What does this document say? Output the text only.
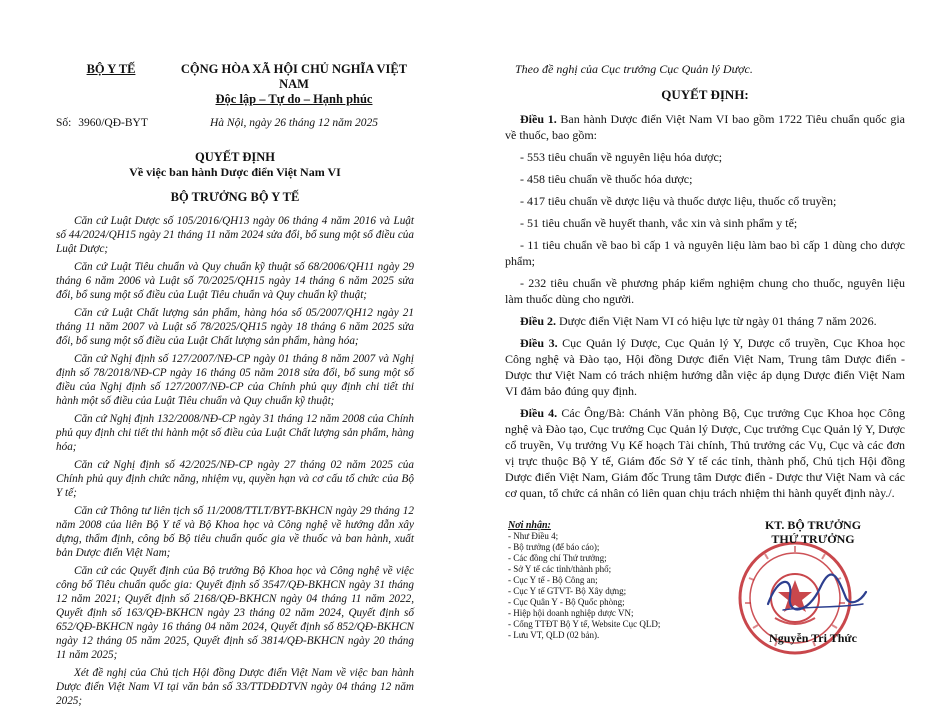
BỘ Y TẾ	CỘNG HÒA XÃ HỘI CHỦ NGHĨA VIỆT NAM
Độc lập – Tự do – Hạnh phúc
Số: 3960/QĐ-BYT	Hà Nội, ngày 26 tháng 12 năm 2025
QUYẾT ĐỊNH
Về việc ban hành Dược điển Việt Nam VI
BỘ TRƯỞNG BỘ Y TẾ

Căn cứ Luật Dược số 105/2016/QH13 ngày 06 tháng 4 năm 2016 và Luật số 44/2024/QH15 ngày 21 tháng 11 năm 2024 sửa đổi, bổ sung một số điều của Luật Dược;

Căn cứ Luật Tiêu chuẩn và Quy chuẩn kỹ thuật số 68/2006/QH11 ngày 29 tháng 6 năm 2006 và Luật số 70/2025/QH15 ngày 14 tháng 6 năm 2025 sửa đổi, bổ sung một số điều của Luật Tiêu chuẩn và Quy chuẩn kỹ thuật;

Căn cứ Luật Chất lượng sản phẩm, hàng hóa số 05/2007/QH12 ngày 21 tháng 11 năm 2007 và Luật số 78/2025/QH15 ngày 18 tháng 6 năm 2025 sửa đổi, bổ sung một số điều của Luật Chất lượng sản phẩm, hàng hóa;

Căn cứ Nghị định số 127/2007/NĐ-CP ngày 01 tháng 8 năm 2007 và Nghị định số 78/2018/NĐ-CP ngày 16 tháng 05 năm 2018 sửa đổi, bổ sung một số điều của Nghị định số 127/2007/NĐ-CP của Chính phủ quy định chi tiết thi hành một số điều của Luật Tiêu chuẩn và Quy chuẩn kỹ thuật;

Căn cứ Nghị định 132/2008/NĐ-CP ngày 31 tháng 12 năm 2008 của Chính phủ quy định chi tiết thi hành một số điều của Luật Chất lượng sản phẩm, hàng hóa;

Căn cứ Nghị định số 42/2025/NĐ-CP ngày 27 tháng 02 năm 2025 của Chính phủ quy định chức năng, nhiệm vụ, quyền hạn và cơ cấu tổ chức của Bộ Y tế;

Căn cứ Thông tư liên tịch số 11/2008/TTLT/BYT-BKHCN ngày 29 tháng 12 năm 2008 của liên Bộ Y tế và Bộ Khoa học và Công nghệ về hướng dẫn xây dựng, thẩm định, công bố Bộ tiêu chuẩn quốc gia về thuốc và ban hành, xuất bản Dược điển Việt Nam;

Căn cứ các Quyết định của Bộ trưởng Bộ Khoa học và Công nghệ về việc công bố Tiêu chuẩn quốc gia: Quyết định số 3547/QĐ-BKHCN ngày 31 tháng 12 năm 2021; Quyết định số 2168/QĐ-BKHCN ngày 04 tháng 11 năm 2022, Quyết định số 163/QĐ-BKHCN ngày 23 tháng 02 năm 2024, Quyết định số 652/QĐ-BKHCN ngày 16 tháng 04 năm 2024, Quyết định số 852/QĐ-BKHCN ngày 12 tháng 05 năm 2025, Quyết định số 3814/QĐ-BKHCN ngày 20 tháng 11 năm 2025;

Xét đề nghị của Chủ tịch Hội đồng Dược điển Việt Nam về việc ban hành Dược điển Việt Nam VI tại văn bản số 33/TTDĐDTVN ngày 04 tháng 12 năm 2025;

Theo đề nghị của Cục trưởng Cục Quản lý Dược.
QUYẾT ĐỊNH:

Điều 1. Ban hành Dược điển Việt Nam VI bao gồm 1722 Tiêu chuẩn quốc gia về thuốc, bao gồm:

- 553 tiêu chuẩn về nguyên liệu hóa dược;

- 458 tiêu chuẩn về thuốc hóa dược;

- 417 tiêu chuẩn về dược liệu và thuốc dược liệu, thuốc cổ truyền;

- 51 tiêu chuẩn về huyết thanh, vắc xin và sinh phẩm y tế;

- 11 tiêu chuẩn về bao bì cấp 1 và nguyên liệu làm bao bì cấp 1 dùng cho dược phẩm;

- 232 tiêu chuẩn về phương pháp kiểm nghiệm chung cho thuốc, nguyên liệu làm thuốc dùng cho người.

Điều 2. Dược điển Việt Nam VI có hiệu lực từ ngày 01 tháng 7 năm 2026.

Điều 3. Cục Quản lý Dược, Cục Quản lý Y, Dược cổ truyền, Cục Khoa học Công nghệ và Đào tạo, Hội đồng Dược điển Việt Nam, Trung tâm Dược điển - Dược thư Việt Nam có trách nhiệm hướng dẫn việc áp dụng Dược điển Việt Nam VI đảm bảo đúng quy định.

Điều 4. Các Ông/Bà: Chánh Văn phòng Bộ, Cục trưởng Cục Khoa học Công nghệ và Đào tạo, Cục trưởng Cục Quản lý Dược, Cục trưởng Cục Quản lý Y, Dược cổ truyền, Vụ trưởng Vụ Kế hoạch Tài chính, Thủ trưởng các Vụ, Cục và các đơn vị trực thuộc Bộ Y tế, Giám đốc Sở Y tế các tỉnh, thành phố, Chủ tịch Hội đồng Dược điển Việt Nam, Giám đốc Trung tâm Dược điển - Dược thư Việt Nam và các cơ quan, tổ chức cá nhân có liên quan chịu trách nhiệm thi hành quyết định này./.

Nơi nhận:
- Như Điều 4;
- Bộ trưởng (để báo cáo);
- Các đồng chí Thứ trưởng;
- Sở Y tế các tỉnh/thành phố;
- Cục Y tế - Bộ Công an;
- Cục Y tế GTVT- Bộ Xây dựng;
- Cục Quân Y - Bộ Quốc phòng;
- Hiệp hội doanh nghiệp dược VN;
- Cổng TTĐT Bộ Y tế, Website Cục QLD;
- Lưu VT, QLD (02 bản).
KT. BỘ TRƯỞNG
THỨ TRƯỞNG
Nguyễn Tri Thức
